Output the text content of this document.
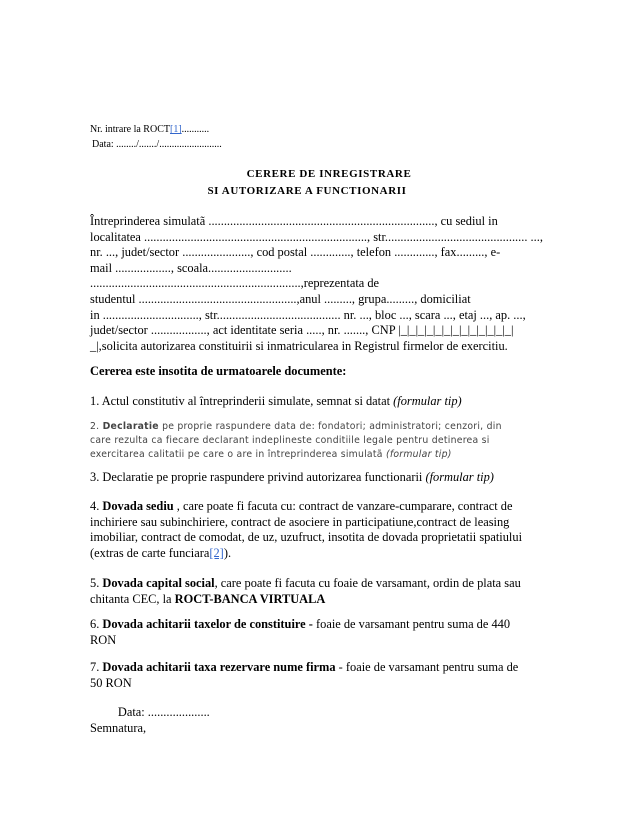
Nr. intrare la ROCT[1]...........
Data: ......../......./.........................
CERERE DE INREGISTRARE
SI AUTORIZARE A FUNCTIONARII
Întreprinderea simulatã ........................................................................., cu sediul in
localitatea ........................................................................, str.............................................. ...,
nr. ..., judet/sector ......................, cod postal ............., telefon ............., fax........., e-
mail .................., scoala...........................
....................................................................,reprezentata de
studentul ...................................................,anul ........., grupa........., domiciliat
in ..............................., str........................................ nr. ..., bloc ..., scara ..., etaj ..., ap. ...,
judet/sector .................., act identitate seria ....., nr. ......., CNP |_|_|_|_|_|_|_|_|_|_|_|_|_|
_|,solicita autorizarea constituirii si inmatricularea in Registrul firmelor de exercitiu.
Cererea este insotita de urmatoarele documente:
1. Actul constitutiv al întreprinderii simulate, semnat si datat (formular tip)
2. Declaratie pe proprie raspundere data de: fondatori; administratori; cenzori, din
care rezulta ca fiecare declarant indeplineste conditiile legale pentru detinerea si
exercitarea calitatii pe care o are in întreprinderea simulatã (formular tip)
3. Declaratie pe proprie raspundere privind autorizarea functionarii (formular tip)
4. Dovada sediu , care poate fi facuta cu: contract de vanzare-cumparare, contract de
inchiriere sau subinchiriere, contract de asociere in participatiune,contract de leasing
imobiliar, contract de comodat, de uz, uzufruct, insotita de dovada proprietatii spatiului
(extras de carte funciara[2]).
5. Dovada capital social, care poate fi facuta cu foaie de varsamant, ordin de plata sau
chitanta CEC, la ROCT-BANCA VIRTUALA
6. Dovada achitarii taxelor de constituire - foaie de varsamant pentru suma de 440
RON
7. Dovada achitarii taxa rezervare nume firma - foaie de varsamant pentru suma de
50 RON
Data: ....................
Semnatura,
